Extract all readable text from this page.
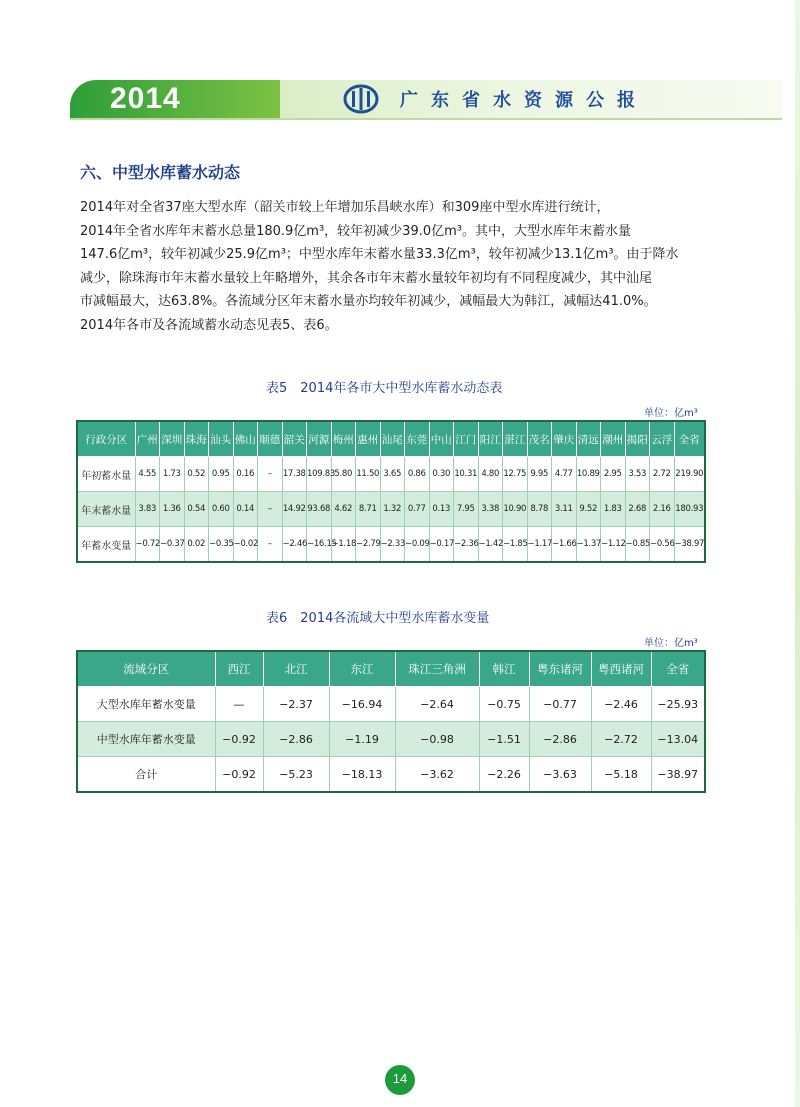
2014	广东省水资源公报
六、中型水库蓄水动态

2014年对全省37座大型水库（韶关市较上年增加乐昌峡水库）和309座中型水库进行统计，
2014年全省水库年末蓄水总量180.9亿m³，较年初减少39.0亿m³。其中，大型水库年末蓄水量
147.6亿m³，较年初减少25.9亿m³；中型水库年末蓄水量33.3亿m³，较年初减少13.1亿m³。由于降水
减少，除珠海市年末蓄水量较上年略增外，其余各市年末蓄水量较年初均有不同程度减少，其中汕尾
市减幅最大，达63.8%。各流域分区年末蓄水量亦均较年初减少，减幅最大为韩江，减幅达41.0%。
2014年各市及各流域蓄水动态见表5、表6。

表5　2014年各市大中型水库蓄水动态表
单位：亿m³
行政分区	广州	深圳	珠海	汕头	佛山	顺德	韶关	河源	梅州	惠州	汕尾	东莞	中山	江门	阳江	湛江	茂名	肇庆	清远	潮州	揭阳	云浮	全省
年初蓄水量	4.55	1.73	0.52	0.95	0.16	–	17.38	109.83	5.80	11.50	3.65	0.86	0.30	10.31	4.80	12.75	9.95	4.77	10.89	2.95	3.53	2.72	219.90
年末蓄水量	3.83	1.36	0.54	0.60	0.14	–	14.92	93.68	4.62	8.71	1.32	0.77	0.13	7.95	3.38	10.90	8.78	3.11	9.52	1.83	2.68	2.16	180.93
年蓄水变量	−0.72	−0.37	0.02	−0.35	−0.02	–	−2.46	−16.15	−1.18	−2.79	−2.33	−0.09	−0.17	−2.36	−1.42	−1.85	−1.17	−1.66	−1.37	−1.12	−0.85	−0.56	−38.97
表6　2014各流域大中型水库蓄水变量
单位：亿m³
流域分区	西江	北江	东江	珠江三角洲	韩江	粤东诸河	粤西诸河	全省
大型水库年蓄水变量	—	−2.37	−16.94	−2.64	−0.75	−0.77	−2.46	−25.93
中型水库年蓄水变量	−0.92	−2.86	−1.19	−0.98	−1.51	−2.86	−2.72	−13.04
合计	−0.92	−5.23	−18.13	−3.62	−2.26	−3.63	−5.18	−38.97
14
